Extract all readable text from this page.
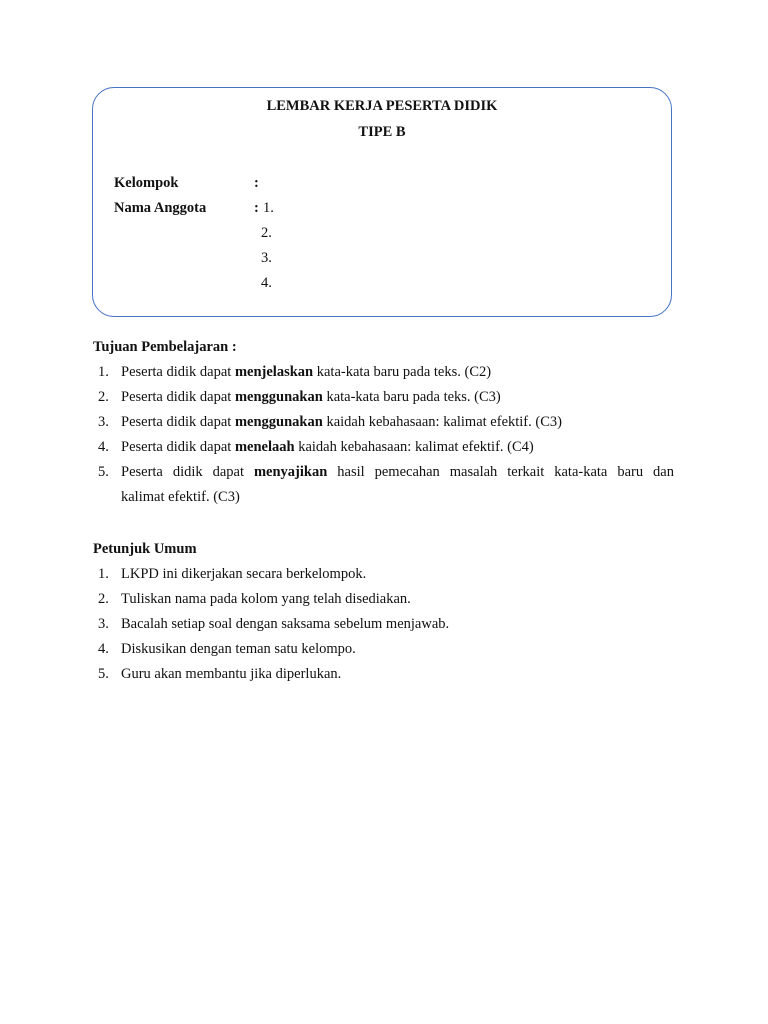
LEMBAR KERJA PESERTA DIDIK
TIPE B
Kelompok	:
Nama Anggota	: 1.
2.
3.
4.
Tujuan Pembelajaran :
1. Peserta didik dapat menjelaskan kata-kata baru pada teks. (C2)
2. Peserta didik dapat menggunakan kata-kata baru pada teks. (C3)
3. Peserta didik dapat menggunakan kaidah kebahasaan: kalimat efektif. (C3)
4. Peserta didik dapat menelaah kaidah kebahasaan: kalimat efektif. (C4)
5. Peserta didik dapat menyajikan hasil pemecahan masalah terkait kata-kata baru dan
kalimat efektif. (C3)
Petunjuk Umum
1. LKPD ini dikerjakan secara berkelompok.
2. Tuliskan nama pada kolom yang telah disediakan.
3. Bacalah setiap soal dengan saksama sebelum menjawab.
4. Diskusikan dengan teman satu kelompo.
5. Guru akan membantu jika diperlukan.
